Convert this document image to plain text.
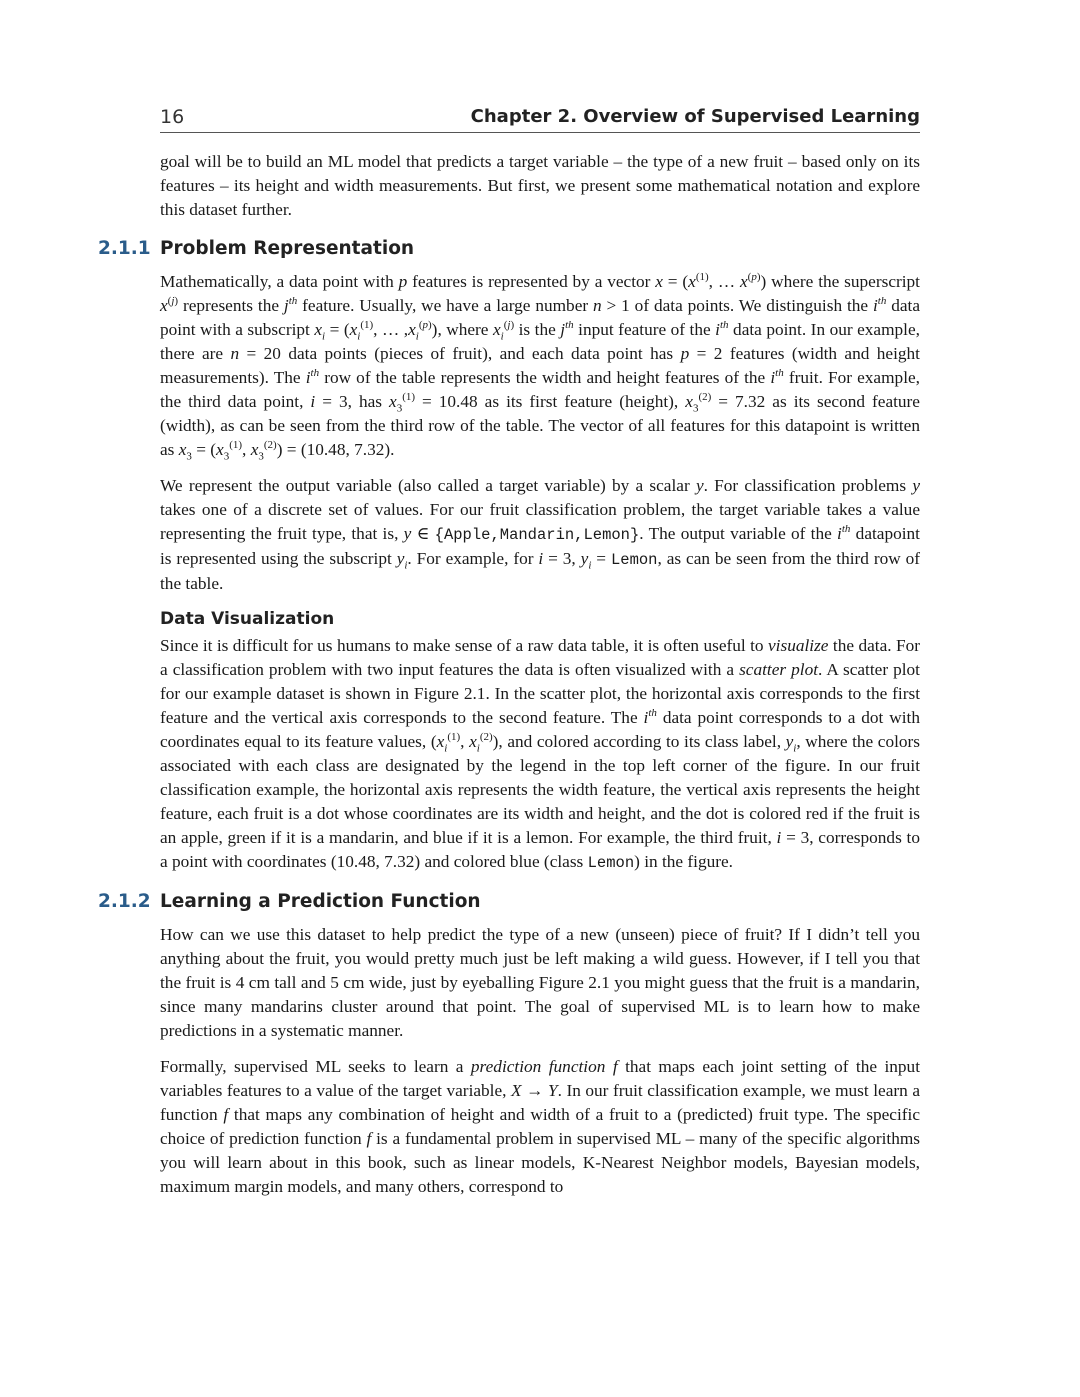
16	Chapter 2. Overview of Supervised Learning

goal will be to build an ML model that predicts a target variable – the type of a new fruit – based only on its features – its height and width measurements. But first, we present some mathematical notation and explore this dataset further.

2.1.1 Problem Representation

Mathematically, a data point with p features is represented by a vector $x = (x^{(1)}$, … $x^{(p)}$) where the superscript $x^{(j)}$ represents the $j^{th}$ feature. Usually, we have a large number n > 1 of data points. We distinguish the $i^{th}$ data point with a subscript $x_i = (x_i^{(1)}$, … $,x_i^{(p)}$), where $x_i^{(j)}$ is the $j^{th}$ input feature of the $i^{th}$ data point. In our example, there are n = 20 data points (pieces of fruit), and each data point has p = 2 features (width and height measurements). The $i^{th}$ row of the table represents the width and height features of the $i^{th}$ fruit. For example, the third data point, i = 3, has $x_3^{(1)} = 10.48$ as its first feature (height), $x_3^{(2)} = 7.32$ as its second feature (width), as can be seen from the third row of the table. The vector of all features for this datapoint is written as $x_3 = (x_3^{(1)}$, $x_3^{(2)}) = (10.48$, 7.32).

We represent the output variable (also called a target variable) by a scalar y. For classification problems y takes one of a discrete set of values. For our fruit classification problem, the target variable takes a value representing the fruit type, that is, y ∈ {Apple,Mandarin,Lemon}. The output variable of the $i^{th}$ datapoint is represented using the subscript $y_i$. For example, for i = 3, $y_i$ = Lemon, as can be seen from the third row of the table.

Data Visualization

Since it is difficult for us humans to make sense of a raw data table, it is often useful to visualize the data. For a classification problem with two input features the data is often visualized with a scatter plot. A scatter plot for our example dataset is shown in Figure 2.1. In the scatter plot, the horizontal axis corresponds to the first feature and the vertical axis corresponds to the second feature. The $i^{th}$ data point corresponds to a dot with coordinates equal to its feature values, ($x_i^{(1)}$, $x_i^{(2)}$), and colored according to its class label, $y_i$, where the colors associated with each class are designated by the legend in the top left corner of the figure. In our fruit classification example, the horizontal axis represents the width feature, the vertical axis represents the height feature, each fruit is a dot whose coordinates are its width and height, and the dot is colored red if the fruit is an apple, green if it is a mandarin, and blue if it is a lemon. For example, the third fruit, i = 3, corresponds to a point with coordinates (10.48, 7.32) and colored blue (class Lemon) in the figure.

2.1.2 Learning a Prediction Function

How can we use this dataset to help predict the type of a new (unseen) piece of fruit? If I didn’t tell you anything about the fruit, you would pretty much just be left making a wild guess. However, if I tell you that the fruit is 4 cm tall and 5 cm wide, just by eyeballing Figure 2.1 you might guess that the fruit is a mandarin, since many mandarins cluster around that point. The goal of supervised ML is to learn how to make predictions in a systematic manner.

Formally, supervised ML seeks to learn a prediction function f that maps each joint setting of the input variables features to a value of the target variable, X → Y. In our fruit classification example, we must learn a function f that maps any combination of height and width of a fruit to a (predicted) fruit type. The specific choice of prediction function f is a fundamental problem in supervised ML – many of the specific algorithms you will learn about in this book, such as linear models, K-Nearest Neighbor models, Bayesian models, maximum margin models, and many others, correspond to
